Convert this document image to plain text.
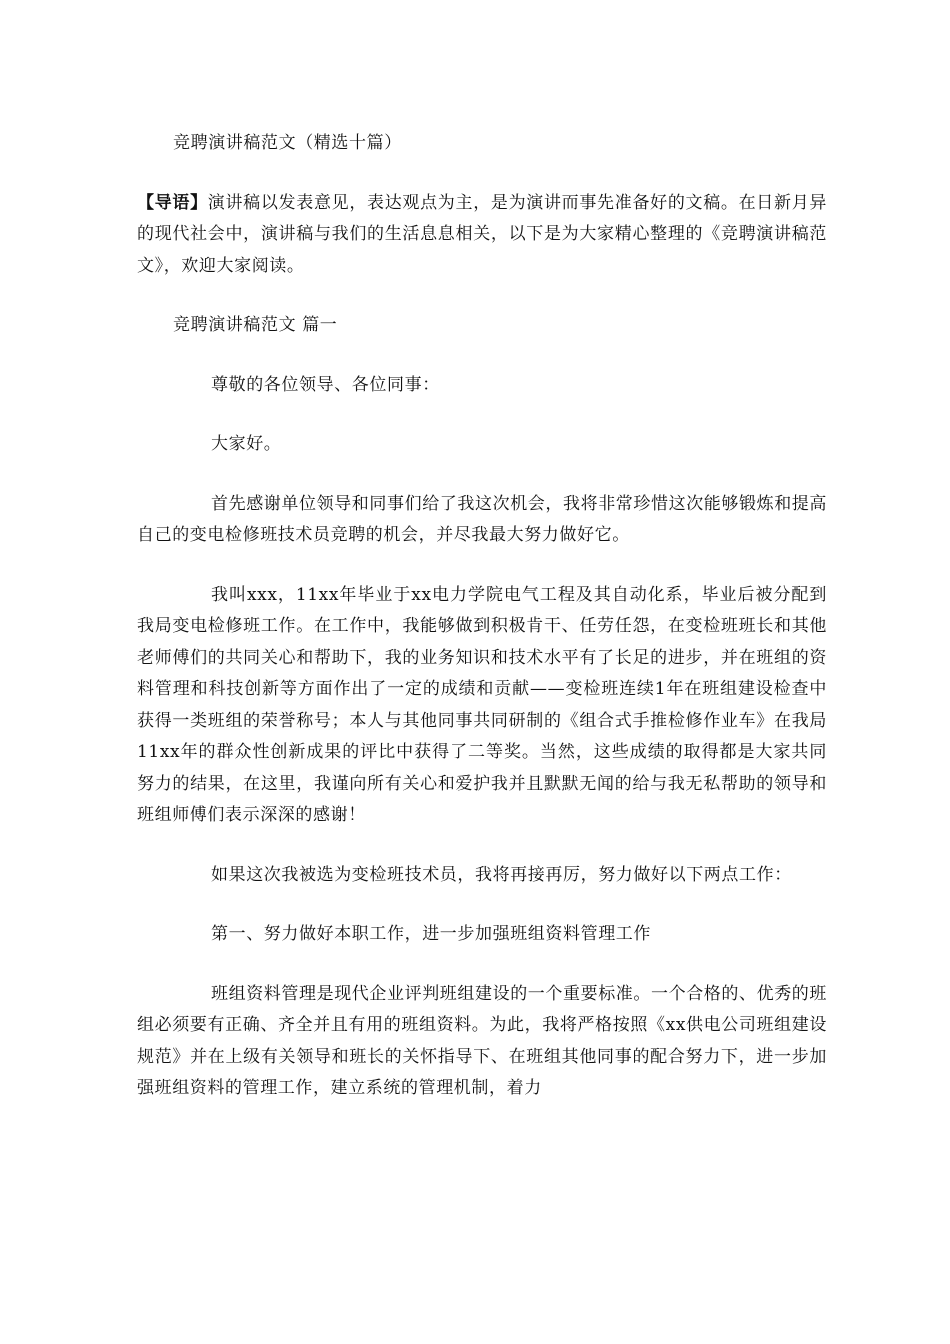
竞聘演讲稿范文（精选十篇）

【导语】演讲稿以发表意见，表达观点为主，是为演讲而事先准备好的文稿。在日新月异的现代社会中，演讲稿与我们的生活息息相关，以下是为大家精心整理的《竞聘演讲稿范文》，欢迎大家阅读。

竞聘演讲稿范文 篇一

尊敬的各位领导、各位同事：

大家好。

首先感谢单位领导和同事们给了我这次机会，我将非常珍惜这次能够锻炼和提高自己的变电检修班技术员竞聘的机会，并尽我最大努力做好它。

我叫xxx，11xx年毕业于xx电力学院电气工程及其自动化系，毕业后被分配到我局变电检修班工作。在工作中，我能够做到积极肯干、任劳任怨，在变检班班长和其他老师傅们的共同关心和帮助下，我的业务知识和技术水平有了长足的进步，并在班组的资料管理和科技创新等方面作出了一定的成绩和贡献——变检班连续1年在班组建设检查中获得一类班组的荣誉称号；本人与其他同事共同研制的《组合式手推检修作业车》在我局11xx年的群众性创新成果的评比中获得了二等奖。当然，这些成绩的取得都是大家共同努力的结果，在这里，我谨向所有关心和爱护我并且默默无闻的给与我无私帮助的领导和班组师傅们表示深深的感谢！

如果这次我被选为变检班技术员，我将再接再厉，努力做好以下两点工作：

第一、努力做好本职工作，进一步加强班组资料管理工作

班组资料管理是现代企业评判班组建设的一个重要标准。一个合格的、优秀的班组必须要有正确、齐全并且有用的班组资料。为此，我将严格按照《xx供电公司班组建设规范》并在上级有关领导和班长的关怀指导下、在班组其他同事的配合努力下，进一步加强班组资料的管理工作，建立系统的管理机制，着力
